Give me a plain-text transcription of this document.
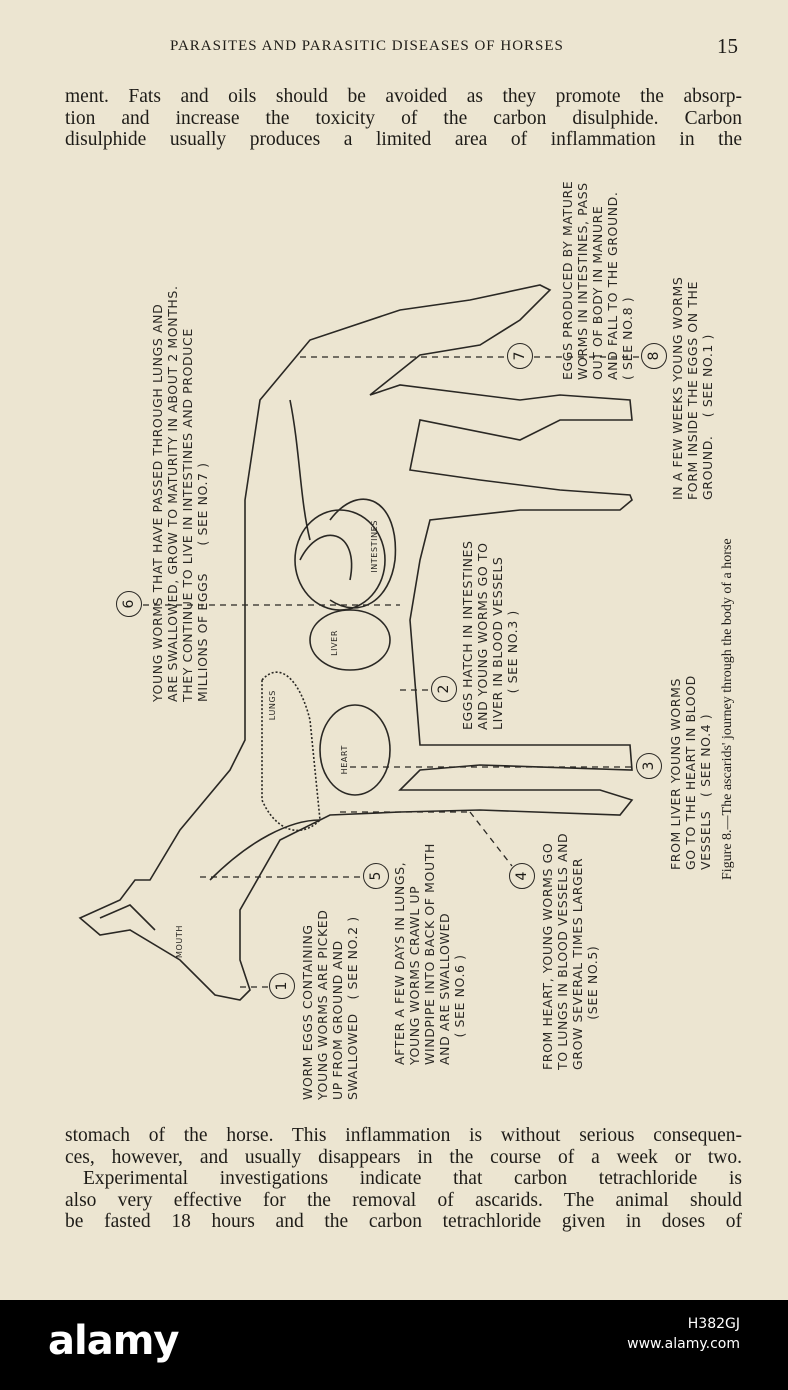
PARASITES AND PARASITIC DISEASES OF HORSES	15

ment. Fats and oils should be avoided as they promote the absorp-

tion and increase the toxicity of the carbon disulphide. Carbon

disulphide usually produces a limited area of inflammation in the

LUNGS
HEART
LIVER
INTESTINES
MOUTH
1
2
3
4
5
6
7	8
WORM EGGS CONTAINING
YOUNG WORMS ARE PICKED
UP FROM GROUND AND
SWALLOWED   ( SEE NO.2 )
EGGS HATCH IN INTESTINES
AND YOUNG WORMS GO TO
LIVER IN BLOOD VESSELS
( SEE NO.3 )
FROM LIVER YOUNG WORMS
GO TO THE HEART IN BLOOD
VESSELS   ( SEE NO.4 )
FROM HEART, YOUNG WORMS GO
TO LUNGS IN BLOOD VESSELS AND
GROW SEVERAL TIMES LARGER
(SEE NO.5)
AFTER A FEW DAYS IN LUNGS,
YOUNG WORMS CRAWL UP
WINDPIPE INTO BACK OF MOUTH
AND ARE SWALLOWED
( SEE NO.6 )
YOUNG WORMS THAT HAVE PASSED THROUGH LUNGS AND
ARE SWALLOWED, GROW TO MATURITY IN ABOUT 2 MONTHS.
THEY CONTINUE TO LIVE IN INTESTINES AND PRODUCE
MILLIONS OF EGGS      ( SEE NO.7 )
EGGS PRODUCED BY MATURE
WORMS IN INTESTINES, PASS
OUT OF BODY IN MANURE
AND FALL TO THE GROUND.
( SEE NO.8 )
IN A FEW WEEKS YOUNG WORMS
FORM INSIDE THE EGGS ON THE
GROUND.    ( SEE NO.1 )
Figure 8.—The ascarids' journey through the body of a horse

stomach of the horse. This inflammation is without serious consequen-

ces, however, and usually disappears in the course of a week or two.

Experimental investigations indicate that carbon tetrachloride is

also very effective for the removal of ascarids. The animal should

be fasted 18 hours and the carbon tetrachloride given in doses of

alamy	H382GJ
www.alamy.com
